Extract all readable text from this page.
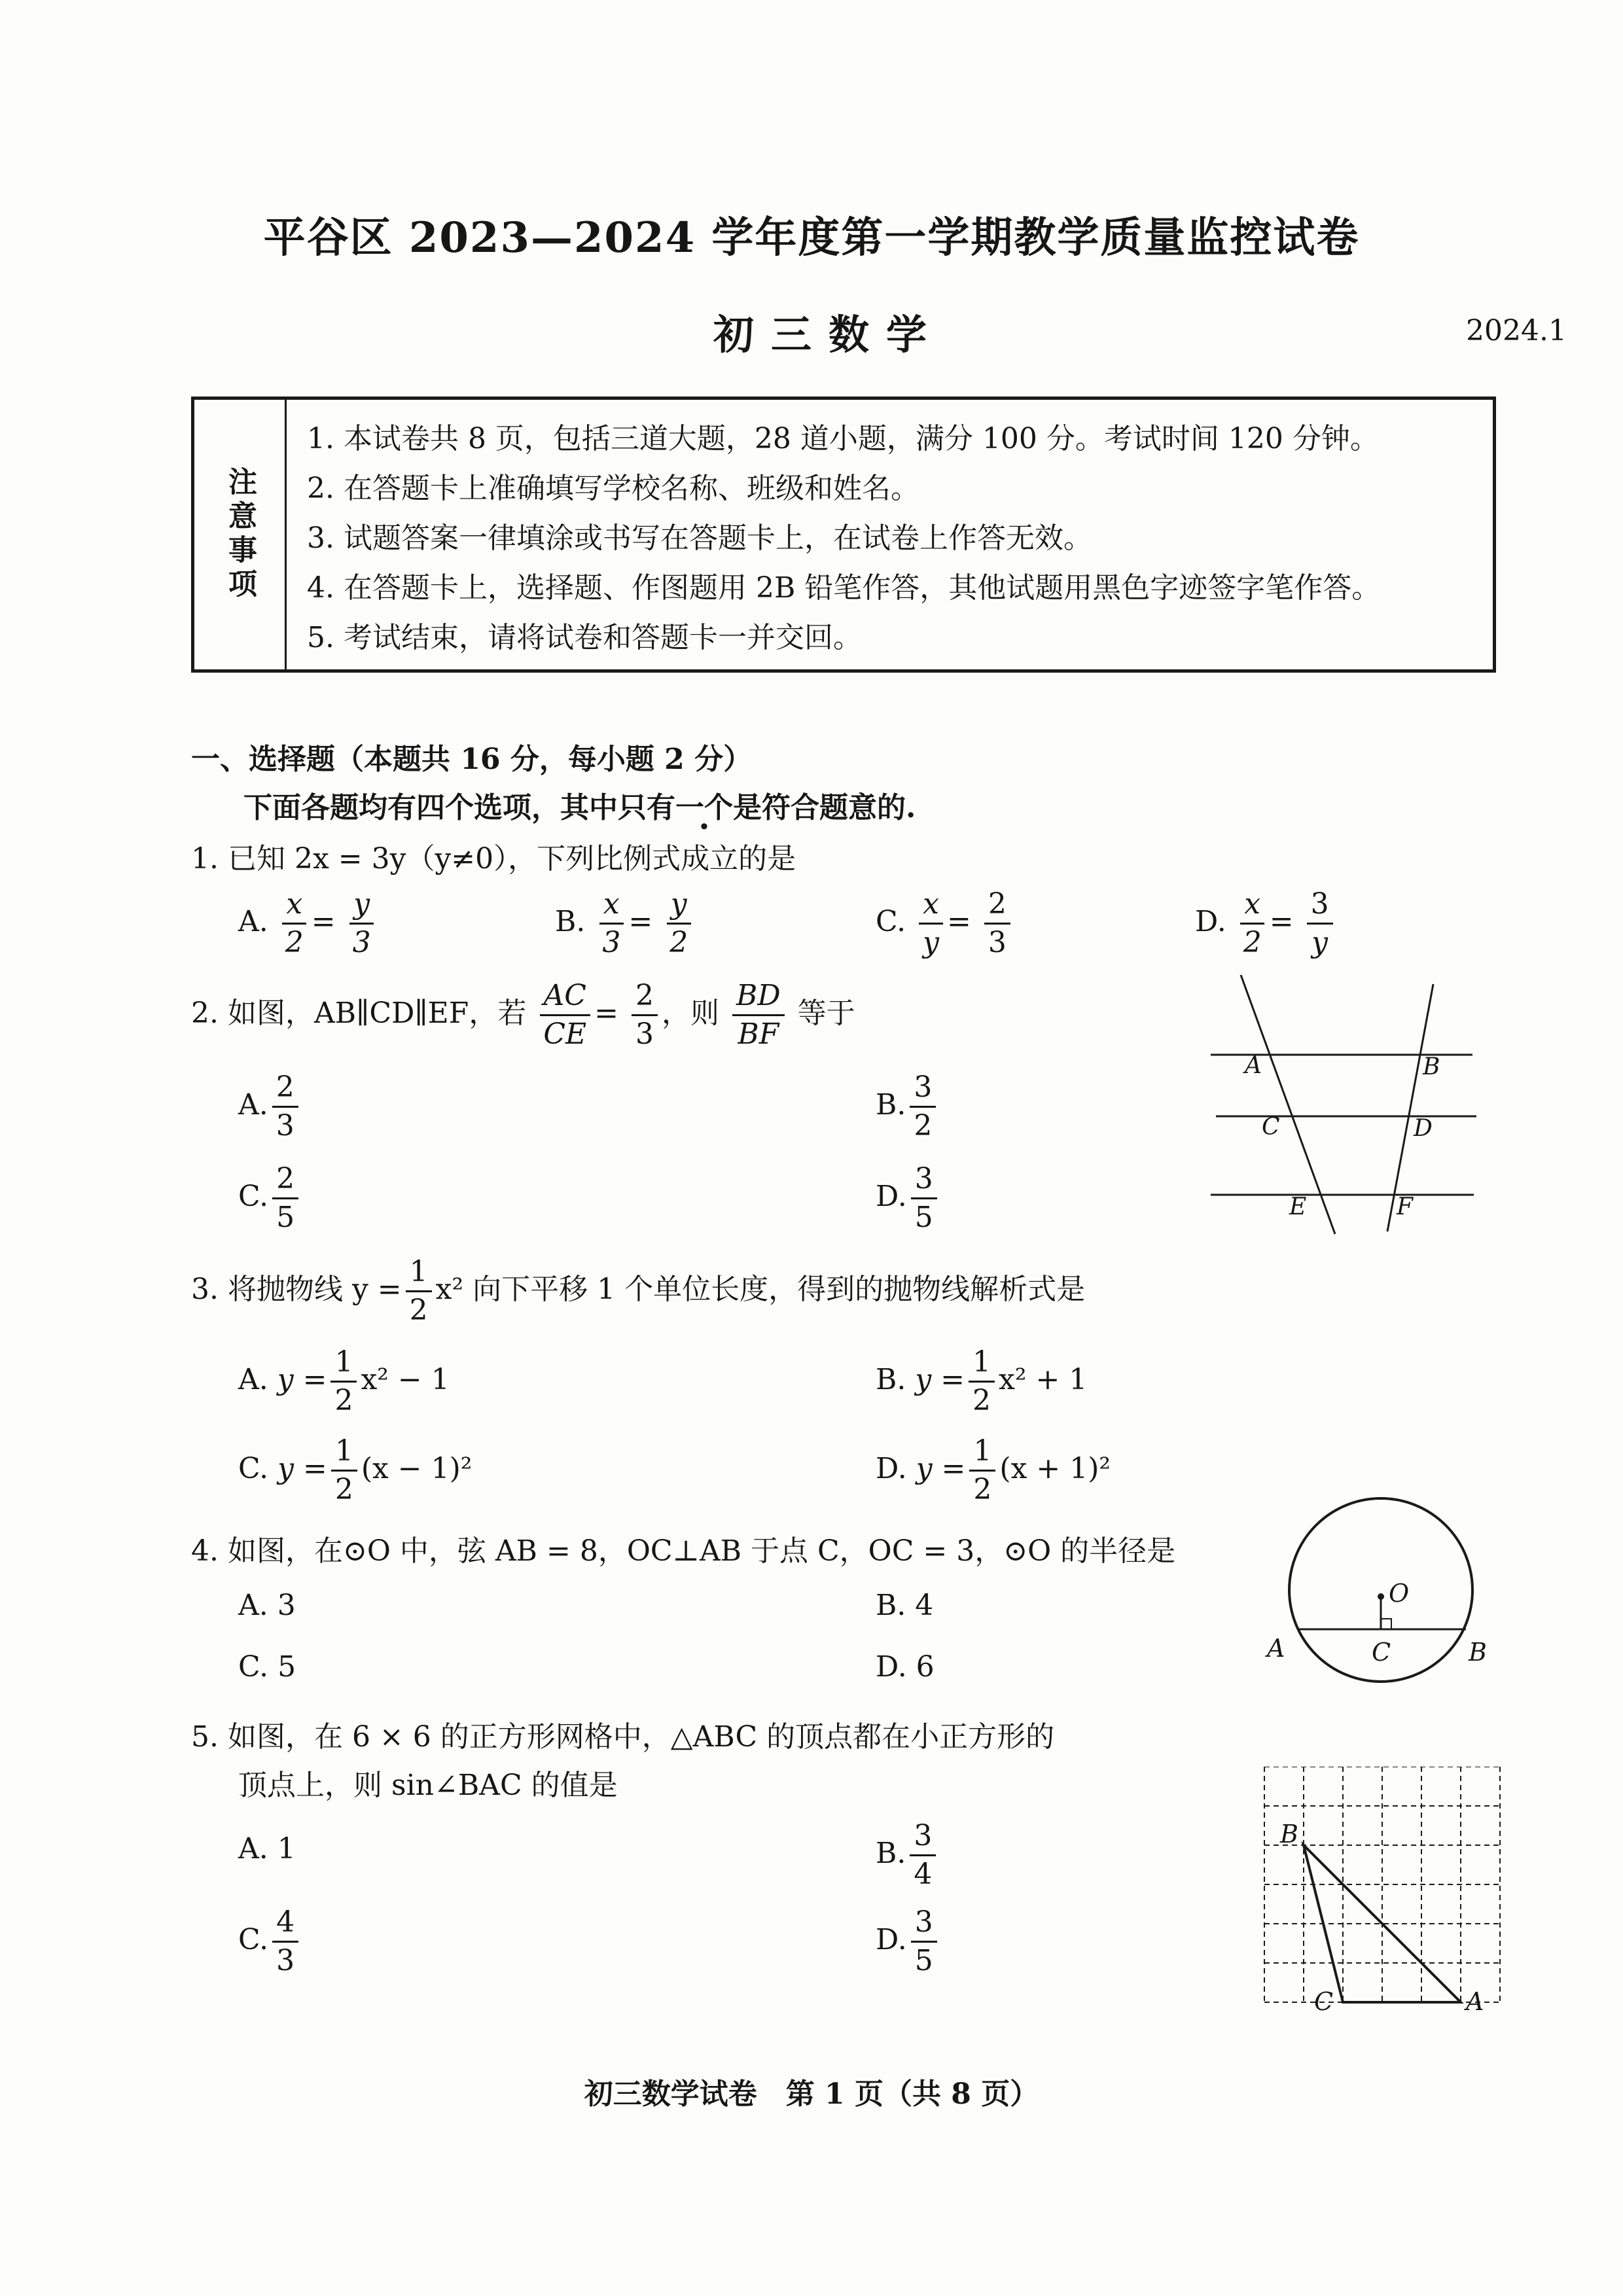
平谷区 2023—2024 学年度第一学期教学质量监控试卷
初三数学	2024.1
注意事项
1. 本试卷共 8 页，包括三道大题，28 道小题，满分 100 分。考试时间 120 分钟。
2. 在答题卡上准确填写学校名称、班级和姓名。
3. 试题答案一律填涂或书写在答题卡上，在试卷上作答无效。
4. 在答题卡上，选择题、作图题用 2B 铅笔作答，其他试题用黑色字迹签字笔作答。
5. 考试结束，请将试卷和答题卡一并交回。
一、选择题（本题共 16 分，每小题 2 分）
下面各题均有四个选项，其中只有一个是符合题意的.
1. 已知 2x = 3y（y≠0），下列比例式成立的是
A. $\frac{x}{2} = \frac{y}{3}$	B. $\frac{x}{3} = \frac{y}{2}$	C. $\frac{x}{y} = \frac{2}{3}$	D. $\frac{x}{2} = \frac{3}{y}$
2. 如图，AB∥CD∥EF，若 $\frac{AC}{CE} = \frac{2}{3}$ ，则 $\frac{BD}{BF}$ 等于
A. $\frac{2}{3}$	B. $\frac{3}{2}$
C. $\frac{2}{5}$	D. $\frac{3}{5}$
A	B
C	D
E	F
3. 将抛物线 $y = \frac{1}{2} x^2$ 向下平移 1 个单位长度，得到的抛物线解析式是
A. $y = \frac{1}{2} x^2 - 1$	B. $y = \frac{1}{2} x^2 + 1$
C. $y = \frac{1}{2} (x - 1)^2$	D. $y = \frac{1}{2} (x + 1)^2$
4. 如图，在⊙O 中，弦 AB = 8，OC⊥AB 于点 C，OC = 3，⊙O 的半径是
A. 3	B. 4
C. 5	D. 6
O
A	C	B
5. 如图，在 6 × 6 的正方形网格中，△ABC 的顶点都在小正方形的
顶点上，则 sin∠BAC 的值是
A. 1	B. $\frac{3}{4}$
C. $\frac{4}{3}$	D. $\frac{3}{5}$
B
C	A
初三数学试卷　第 1 页（共 8 页）
